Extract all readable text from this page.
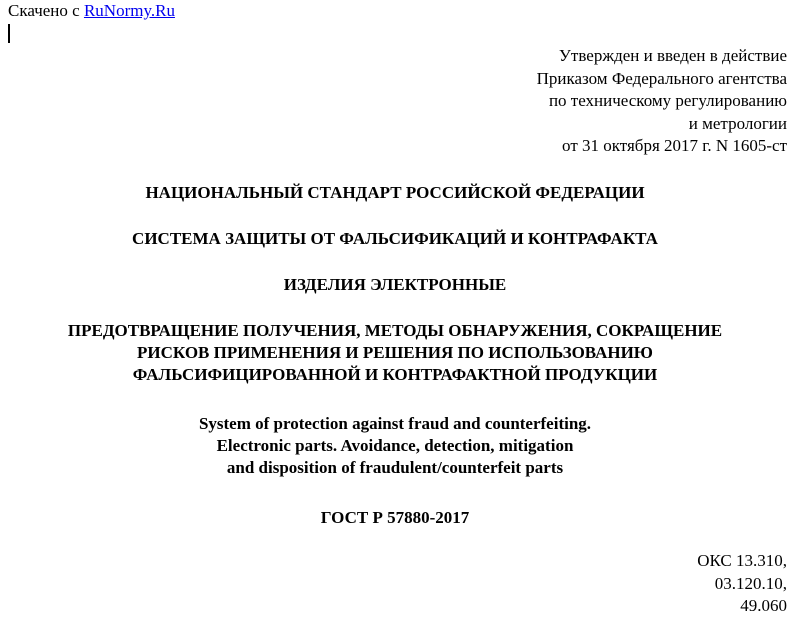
Скачено с RuNormy.Ru
Утвержден и введен в действие
Приказом Федерального агентства
по техническому регулированию
и метрологии
от 31 октября 2017 г. N 1605-ст
НАЦИОНАЛЬНЫЙ СТАНДАРТ РОССИЙСКОЙ ФЕДЕРАЦИИ
СИСТЕМА ЗАЩИТЫ ОТ ФАЛЬСИФИКАЦИЙ И КОНТРАФАКТА
ИЗДЕЛИЯ ЭЛЕКТРОННЫЕ
ПРЕДОТВРАЩЕНИЕ ПОЛУЧЕНИЯ, МЕТОДЫ ОБНАРУЖЕНИЯ, СОКРАЩЕНИЕ
РИСКОВ ПРИМЕНЕНИЯ И РЕШЕНИЯ ПО ИСПОЛЬЗОВАНИЮ
ФАЛЬСИФИЦИРОВАННОЙ И КОНТРАФАКТНОЙ ПРОДУКЦИИ
System of protection against fraud and counterfeiting.
Electronic parts. Avoidance, detection, mitigation
and disposition of fraudulent/counterfeit parts
ГОСТ Р 57880-2017
ОКС 13.310,
03.120.10,
49.060
